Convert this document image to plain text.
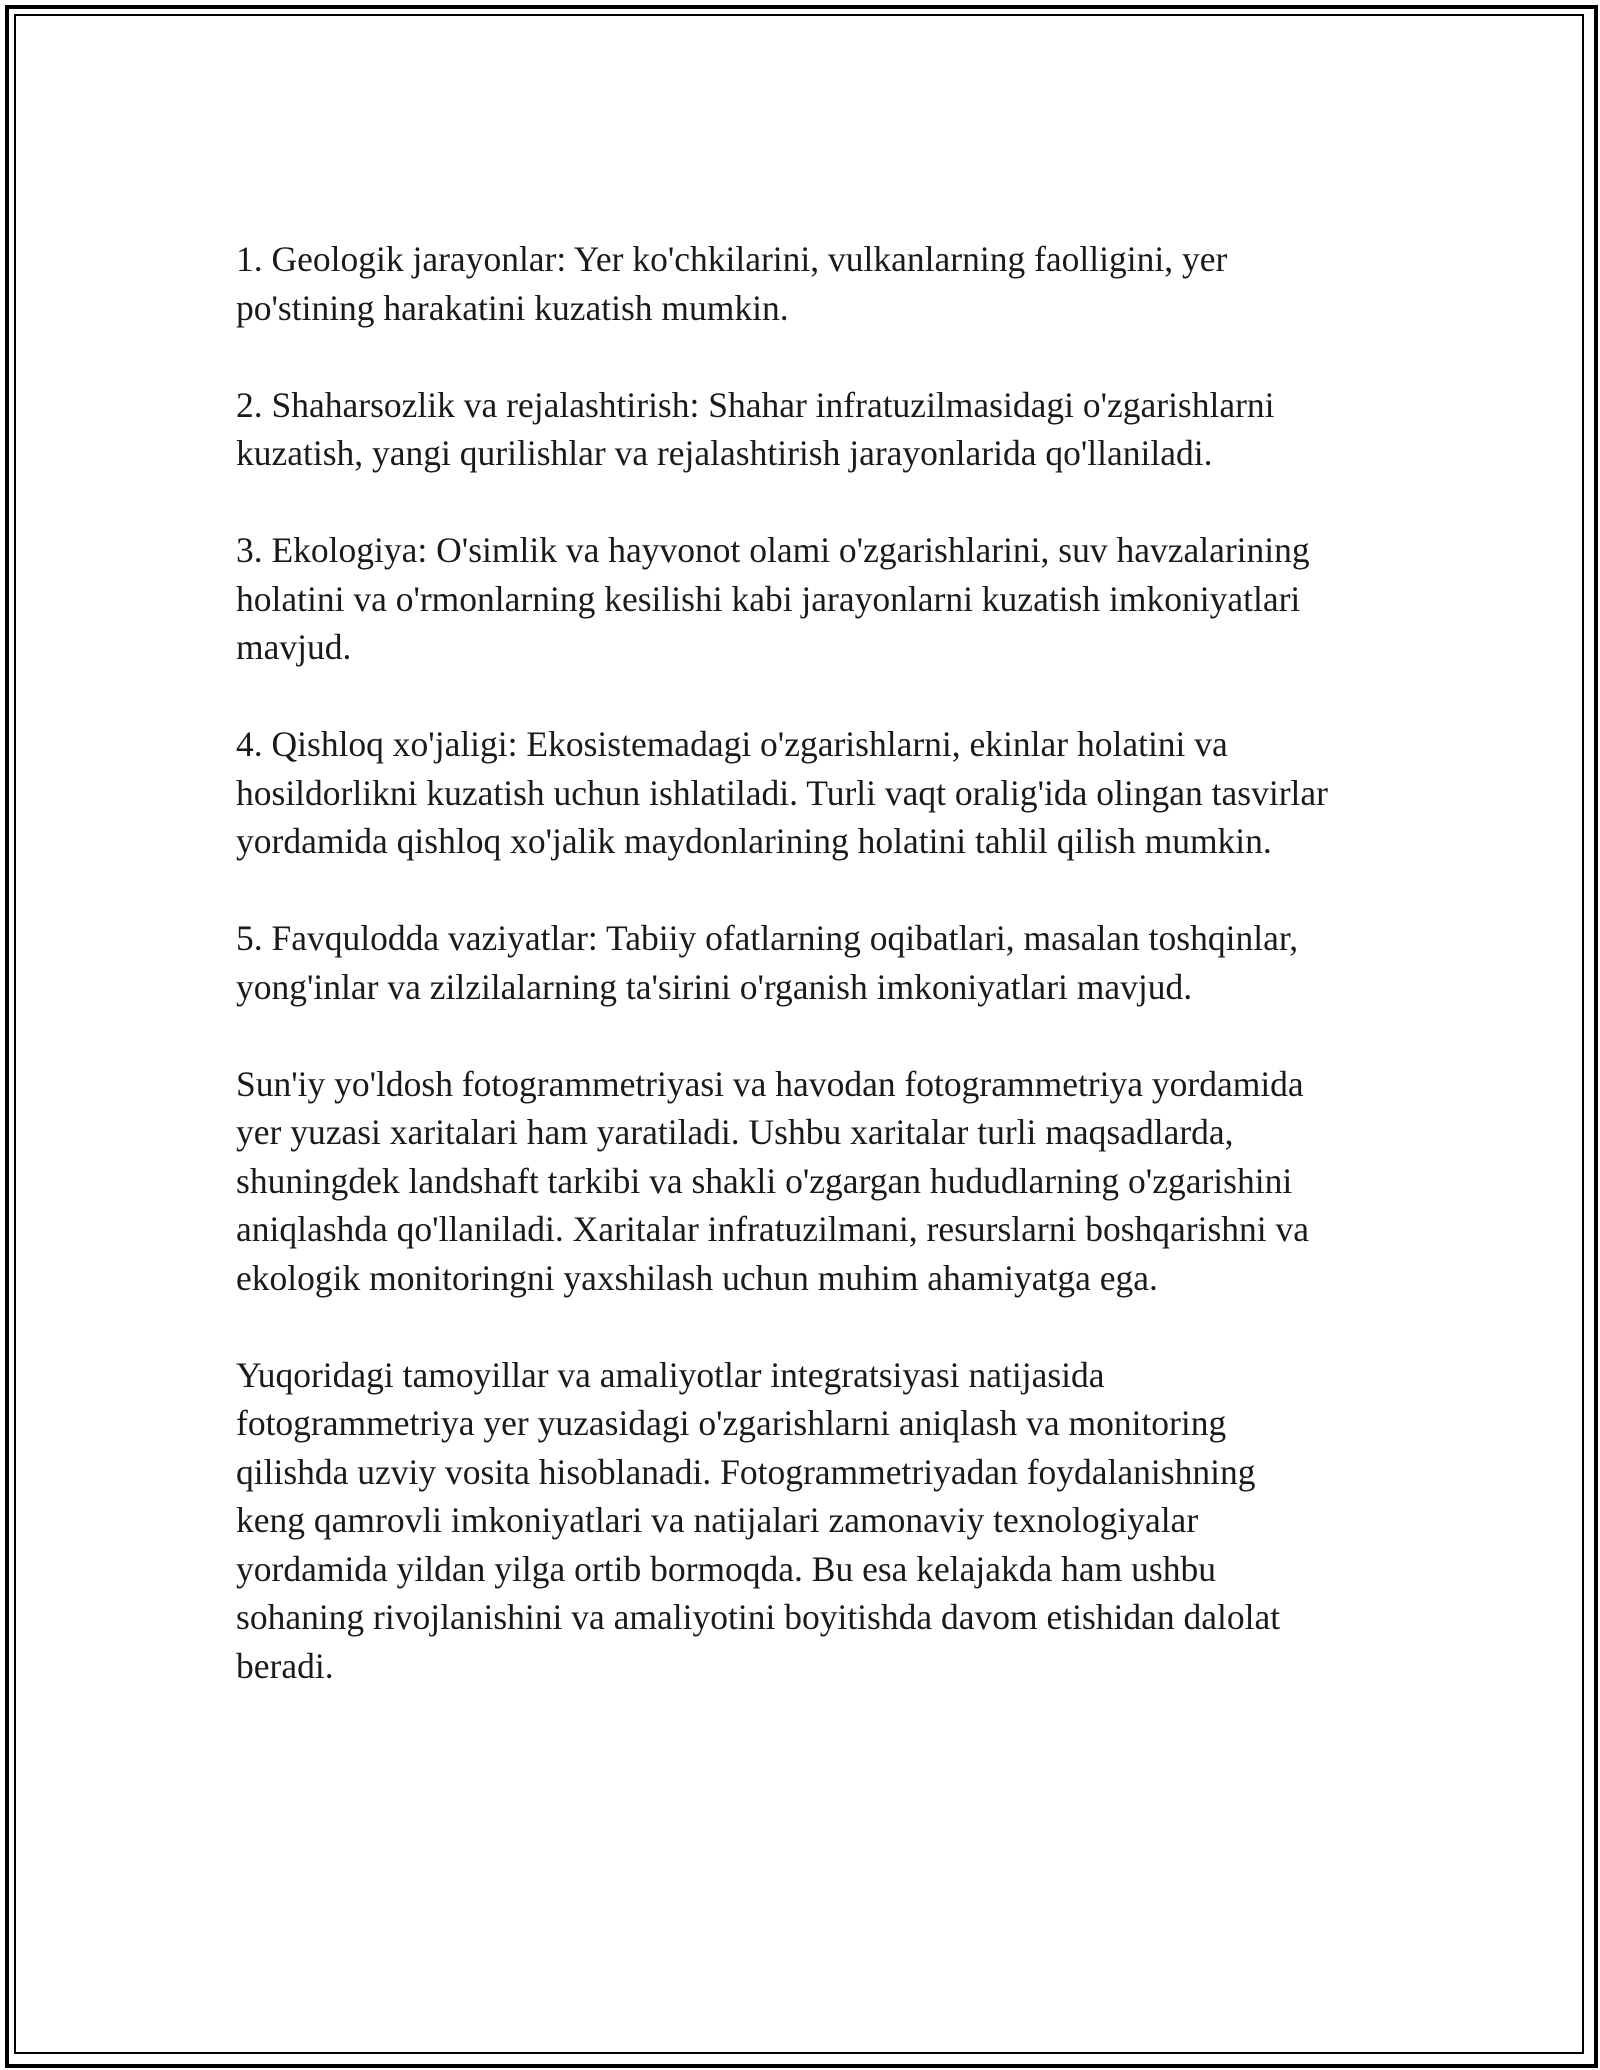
1. Geologik jarayonlar: Yer ko'chkilarini, vulkanlarning faolligini, yer
po'stining harakatini kuzatish mumkin.

2. Shaharsozlik va rejalashtirish: Shahar infratuzilmasidagi o'zgarishlarni
kuzatish, yangi qurilishlar va rejalashtirish jarayonlarida qo'llaniladi.

3. Ekologiya: O'simlik va hayvonot olami o'zgarishlarini, suv havzalarining
holatini va o'rmonlarning kesilishi kabi jarayonlarni kuzatish imkoniyatlari
mavjud.

4. Qishloq xo'jaligi: Ekosistemadagi o'zgarishlarni, ekinlar holatini va
hosildorlikni kuzatish uchun ishlatiladi. Turli vaqt oralig'ida olingan tasvirlar
yordamida qishloq xo'jalik maydonlarining holatini tahlil qilish mumkin.

5. Favqulodda vaziyatlar: Tabiiy ofatlarning oqibatlari, masalan toshqinlar,
yong'inlar va zilzilalarning ta'sirini o'rganish imkoniyatlari mavjud.

Sun'iy yo'ldosh fotogrammetriyasi va havodan fotogrammetriya yordamida
yer yuzasi xaritalari ham yaratiladi. Ushbu xaritalar turli maqsadlarda,
shuningdek landshaft tarkibi va shakli o'zgargan hududlarning o'zgarishini
aniqlashda qo'llaniladi. Xaritalar infratuzilmani, resurslarni boshqarishni va
ekologik monitoringni yaxshilash uchun muhim ahamiyatga ega.

Yuqoridagi tamoyillar va amaliyotlar integratsiyasi natijasida
fotogrammetriya yer yuzasidagi o'zgarishlarni aniqlash va monitoring
qilishda uzviy vosita hisoblanadi. Fotogrammetriyadan foydalanishning
keng qamrovli imkoniyatlari va natijalari zamonaviy texnologiyalar
yordamida yildan yilga ortib bormoqda. Bu esa kelajakda ham ushbu
sohaning rivojlanishini va amaliyotini boyitishda davom etishidan dalolat
beradi.
